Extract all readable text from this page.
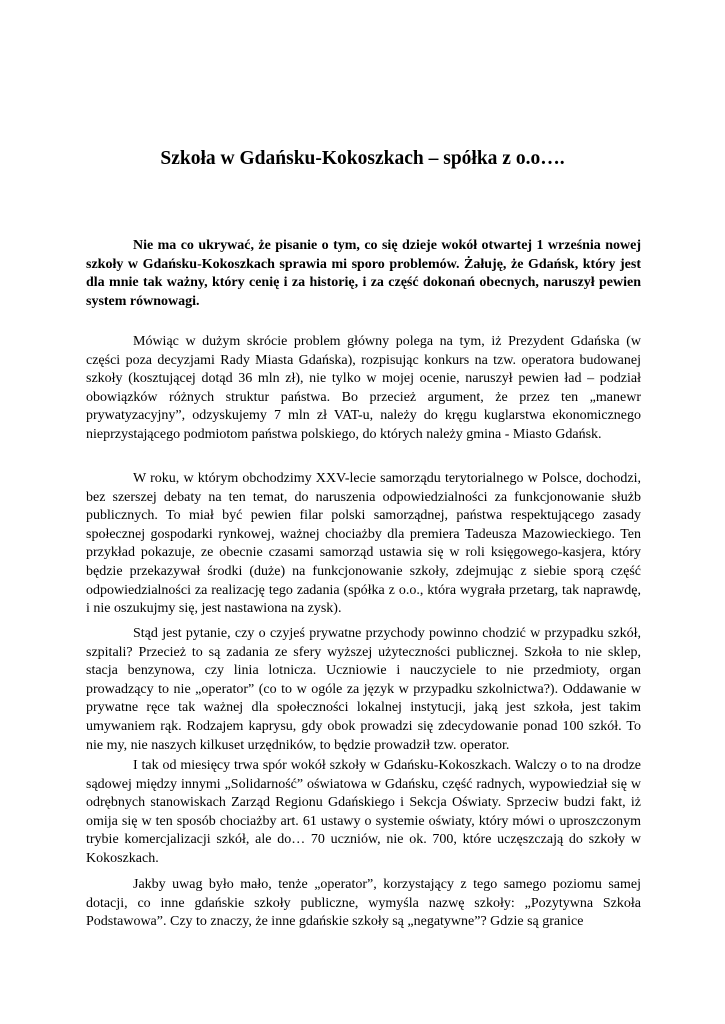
Szkoła w Gdańsku-Kokoszkach – spółka z o.o….

Nie ma co ukrywać, że pisanie o tym, co się dzieje wokół otwartej 1 września nowej szkoły w Gdańsku-Kokoszkach sprawia mi sporo problemów. Żałuję, że Gdańsk, który jest dla mnie tak ważny, który cenię i za historię, i za część dokonań obecnych, naruszył pewien system równowagi.

Mówiąc w dużym skrócie problem główny polega na tym, iż Prezydent Gdańska (w części poza decyzjami Rady Miasta Gdańska), rozpisując konkurs na tzw. operatora budowanej szkoły (kosztującej dotąd 36 mln zł), nie tylko w mojej ocenie, naruszył pewien ład – podział obowiązków różnych struktur państwa. Bo przecież argument, że przez ten „manewr prywatyzacyjny”, odzyskujemy 7 mln zł VAT-u, należy do kręgu kuglarstwa ekonomicznego nieprzystającego podmiotom państwa polskiego, do których należy gmina - Miasto Gdańsk.

W roku, w którym obchodzimy XXV-lecie samorządu terytorialnego w Polsce, dochodzi, bez szerszej debaty na ten temat, do naruszenia odpowiedzialności za funkcjonowanie służb publicznych. To miał być pewien filar polski samorządnej, państwa respektującego zasady społecznej gospodarki rynkowej, ważnej chociażby dla premiera Tadeusza Mazowieckiego. Ten przykład pokazuje, ze obecnie czasami samorząd ustawia się w roli księgowego-kasjera, który będzie przekazywał środki (duże) na funkcjonowanie szkoły, zdejmując z siebie sporą część odpowiedzialności za realizację tego zadania (spółka z o.o., która wygrała przetarg, tak naprawdę, i nie oszukujmy się, jest nastawiona na zysk).

Stąd jest pytanie, czy o czyjeś prywatne przychody powinno chodzić w przypadku szkół, szpitali? Przecież to są zadania ze sfery wyższej użyteczności publicznej. Szkoła to nie sklep, stacja benzynowa, czy linia lotnicza. Uczniowie i nauczyciele to nie przedmioty, organ prowadzący to nie „operator” (co to w ogóle za język w przypadku szkolnictwa?). Oddawanie w prywatne ręce tak ważnej dla społeczności lokalnej instytucji, jaką jest szkoła, jest takim umywaniem rąk. Rodzajem kaprysu, gdy obok prowadzi się zdecydowanie ponad 100 szkół. To nie my, nie naszych kilkuset urzędników, to będzie prowadził tzw. operator.

I tak od miesięcy trwa spór wokół szkoły w Gdańsku-Kokoszkach. Walczy o to na drodze sądowej między innymi „Solidarność” oświatowa w Gdańsku, część radnych, wypowiedział się w odrębnych stanowiskach Zarząd Regionu Gdańskiego i Sekcja Oświaty. Sprzeciw budzi fakt, iż omija się w ten sposób chociażby art. 61 ustawy o systemie oświaty, który mówi o uproszczonym trybie komercjalizacji szkół, ale do… 70 uczniów, nie ok. 700, które uczęszczają do szkoły w Kokoszkach.

Jakby uwag było mało, tenże „operator”, korzystający z tego samego poziomu samej dotacji, co inne gdańskie szkoły publiczne, wymyśla nazwę szkoły: „Pozytywna Szkoła Podstawowa”. Czy to znaczy, że inne gdańskie szkoły są „negatywne”? Gdzie są granice
